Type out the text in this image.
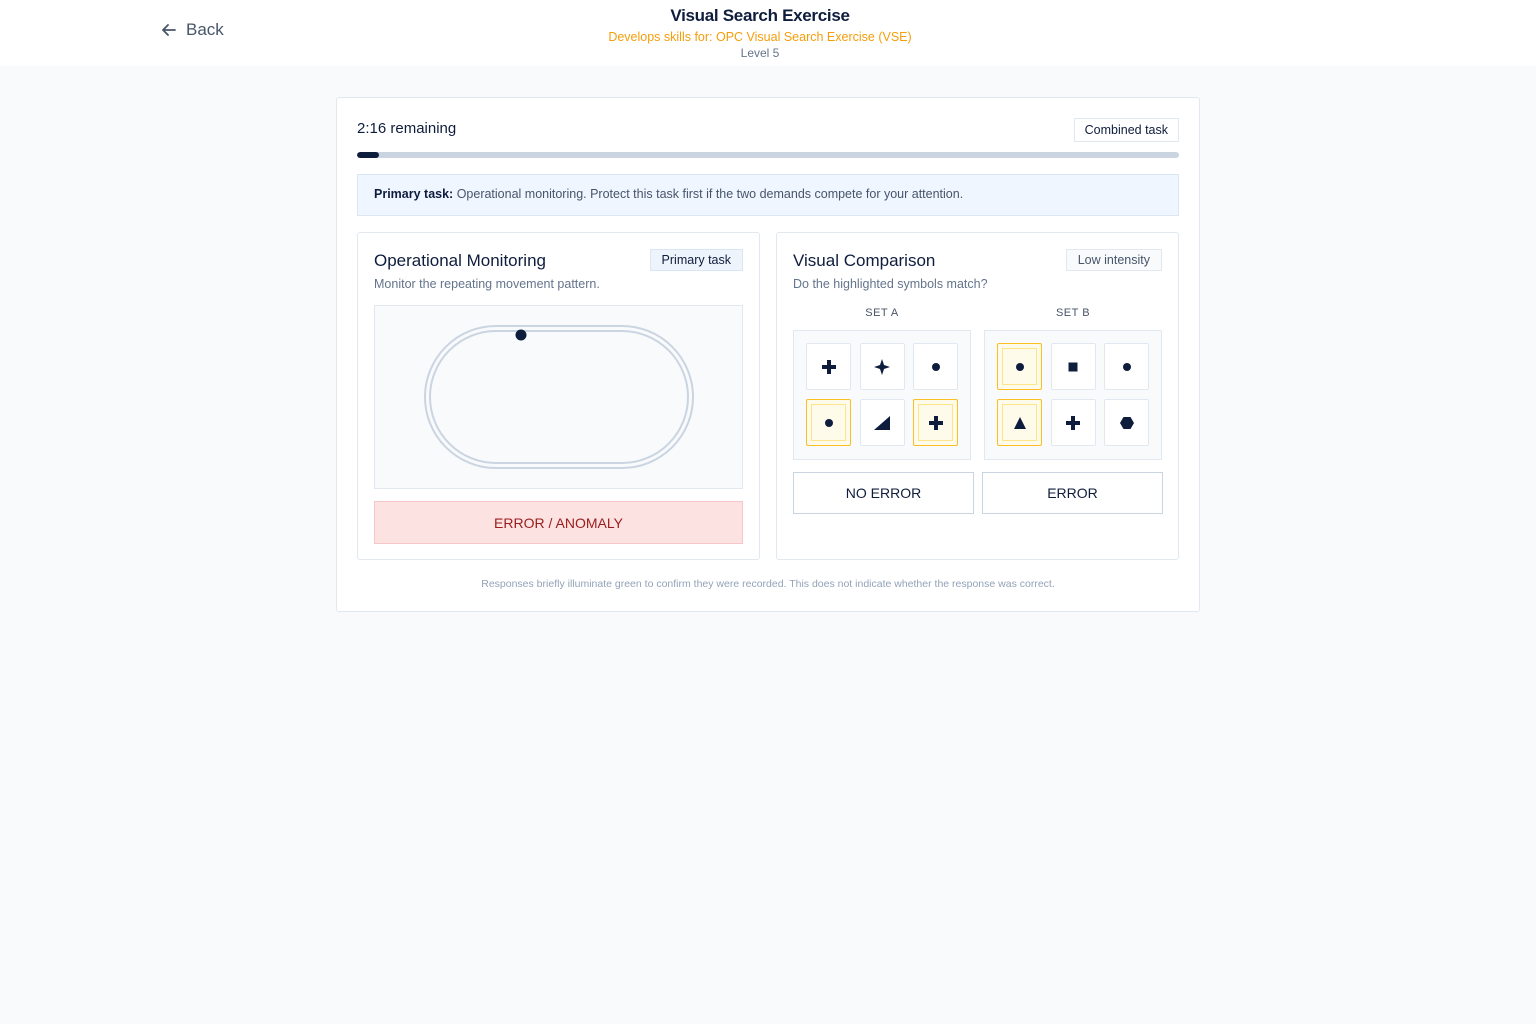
Back
Visual Search Exercise
Develops skills for: OPC Visual Search Exercise (VSE)
Level 5
2:16 remaining	Combined task
Primary task: Operational monitoring. Protect this task first if the two demands compete for your attention.
Operational Monitoring	Primary task
Monitor the repeating movement pattern.
ERROR / ANOMALY
Visual Comparison	Low intensity
Do the highlighted symbols match?
SET A	SET B
NO ERROR	ERROR
Responses briefly illuminate green to confirm they were recorded. This does not indicate whether the response was correct.
